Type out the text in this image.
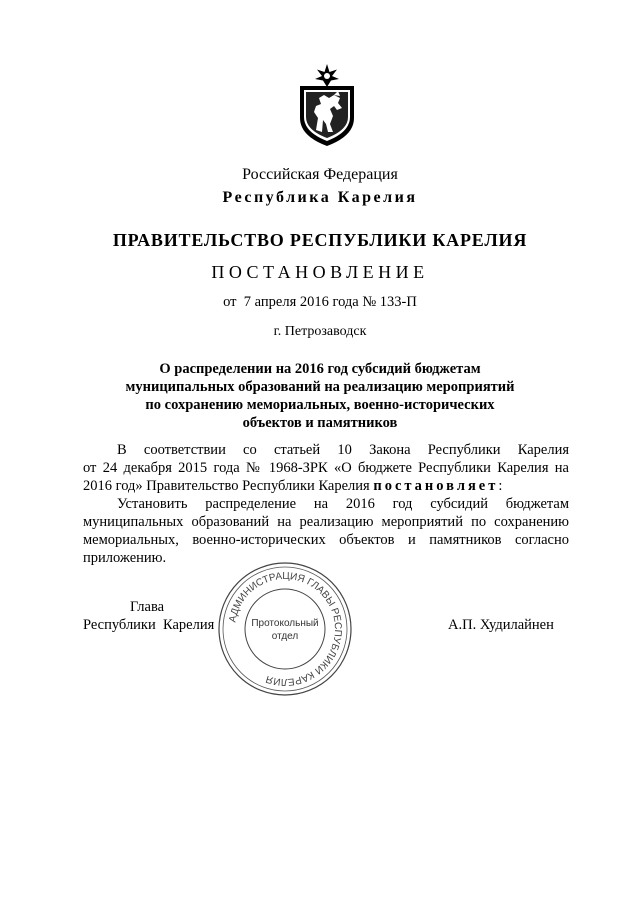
Российская Федерация
Республика Карелия
ПРАВИТЕЛЬСТВО РЕСПУБЛИКИ КАРЕЛИЯ
ПОСТАНОВЛЕНИЕ
от  7 апреля 2016 года № 133-П
г. Петрозаводск
О распределении на 2016 год субсидий бюджетам
муниципальных образований на реализацию мероприятий
по сохранению мемориальных, военно-исторических
объектов и памятников
В соответствии со статьей 10 Закона Республики Карелия
от 24 декабря 2015 года № 1968-ЗРК «О бюджете Республики Карелия на
2016 год» Правительство Республики Карелия постановляет:
Установить распределение на 2016 год субсидий бюджетам
муниципальных образований на реализацию мероприятий по сохранению
мемориальных, военно-исторических объектов и памятников согласно
приложению.
Глава
Республики  Карелия	А.П. Худилайнен
АДМИНИСТРАЦИЯ ГЛАВЫ РЕСПУБЛИКИ КАРЕЛИЯ
Протокольный
отдел
